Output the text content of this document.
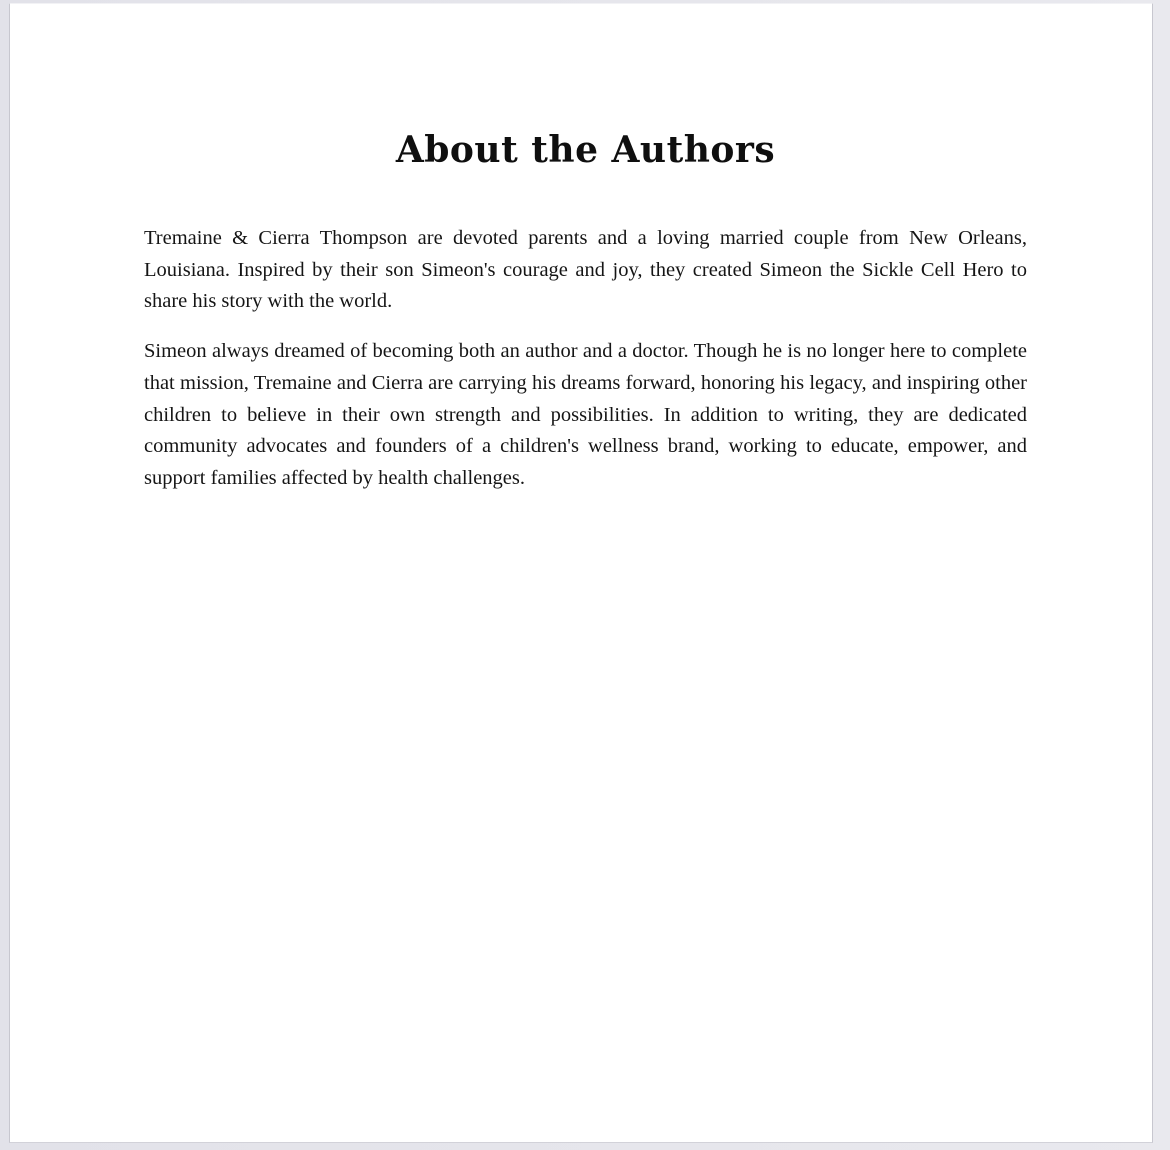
About the Authors

Tremaine & Cierra Thompson are devoted parents and a loving married couple from New Orleans, Louisiana. Inspired by their son Simeon's courage and joy, they created Simeon the Sickle Cell Hero to share his story with the world.

Simeon always dreamed of becoming both an author and a doctor. Though he is no longer here to complete that mission, Tremaine and Cierra are carrying his dreams forward, honoring his legacy, and inspiring other children to believe in their own strength and possibilities. In addition to writing, they are dedicated community advocates and founders of a children's wellness brand, working to educate, empower, and support families affected by health challenges.
